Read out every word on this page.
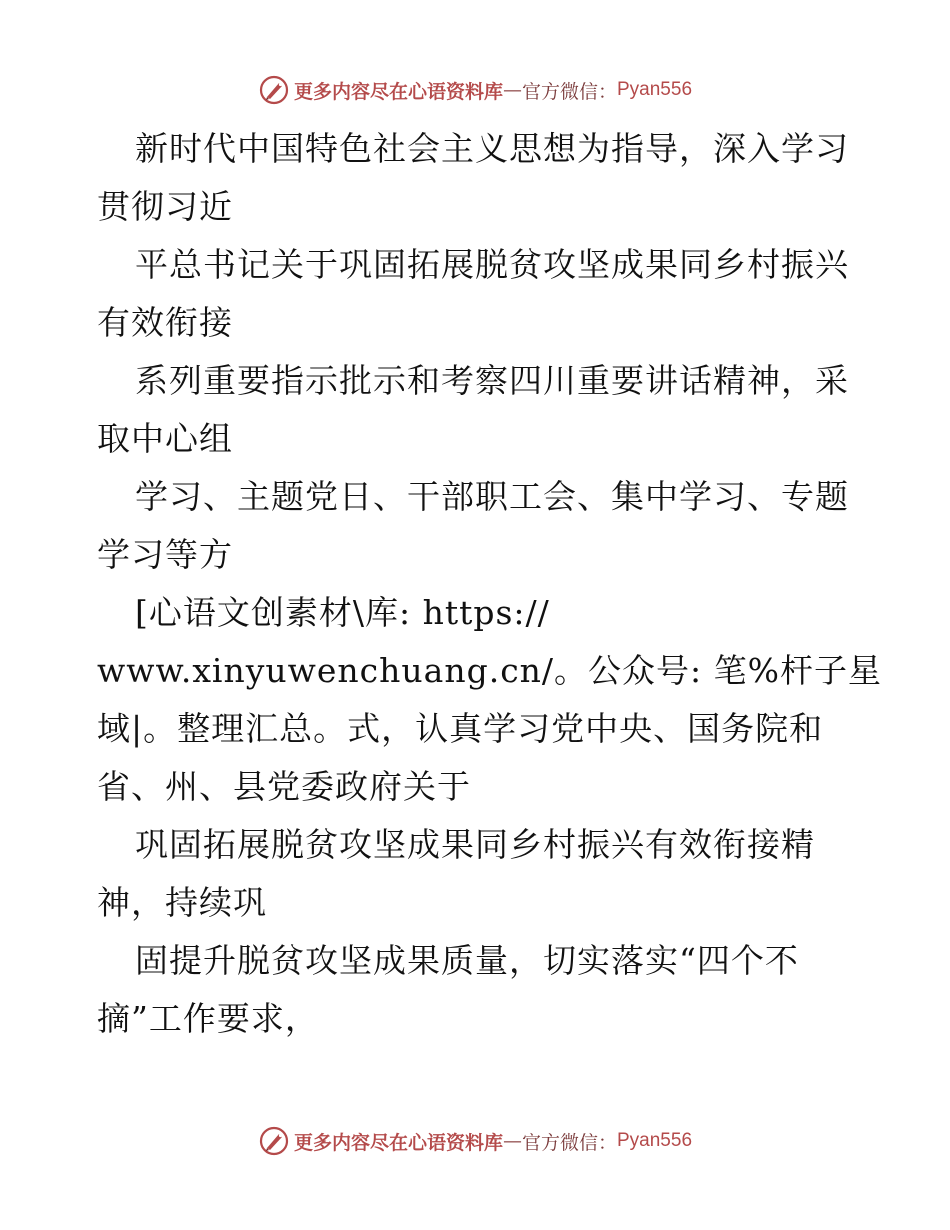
更多内容尽在心语资料库 — 官方微信： Pyan556
新时代中国特色社会主义思想为指导，深入学习
贯彻习近
平总书记关于巩固拓展脱贫攻坚成果同乡村振兴
有效衔接
系列重要指示批示和考察四川重要讲话精神，采
取中心组
学习、主题党日、干部职工会、集中学习、专题
学习等方
[心语文创素材\库: https://
www.xinyuwenchuang.cn/。公众号: 笔%杆子星
域|。整理汇总。式，认真学习党中央、国务院和
省、州、县党委政府关于
巩固拓展脱贫攻坚成果同乡村振兴有效衔接精
神，持续巩
固提升脱贫攻坚成果质量，切实落实“四个不
摘”工作要求，
更多内容尽在心语资料库 — 官方微信： Pyan556
